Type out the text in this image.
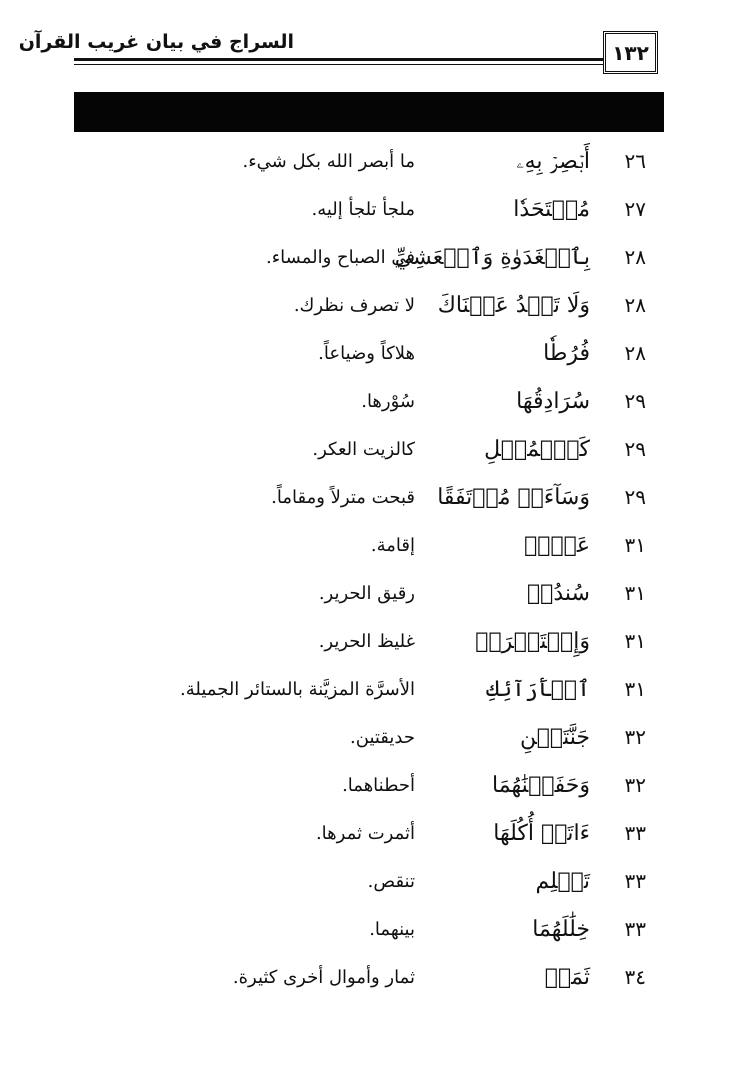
السراج في بيان غريب القرآن	١٣٢
٢٦
أَبۡصِرۡ بِهِۦ
ما أبصر الله بكل شيء.
٢٧
مُلۡتَحَدٗا
ملجأ تلجأ إليه.
٢٨
بِٱلۡغَدَوٰةِ وَٱلۡعَشِيِّ
في الصباح والمساء.
٢٨
وَلَا تَعۡدُ عَيۡنَاكَ
لا تصرف نظرك.
٢٨
فُرُطٗا
هلاكاً وضياعاً.
٢٩
سُرَادِقُهَا
سُوْرها.
٢٩
كَٱلۡمُهۡلِ
كالزيت العكر.
٢٩
وَسَآءَتۡ مُرۡتَفَقًا
قبحت مترلاً ومقاماً.
٣١
عَدۡنٖ
إقامة.
٣١
سُندُسٖ
رقيق الحرير.
٣١
وَإِسۡتَبۡرَقٖ
غليظ الحرير.
٣١
ٱلۡأَرَآئِكِ
الأسرَّة المزيَّنة بالستائر الجميلة.
٣٢
جَنَّتَيۡنِ
حديقتين.
٣٢
وَحَفَفۡنَٰهُمَا
أحطناهما.
٣٣
ءَاتَتۡ أُكُلَهَا
أثمرت ثمرها.
٣٣
تَظۡلِم
تنقص.
٣٣
خِلَٰلَهُمَا
بينهما.
٣٤
ثَمَرٞ
ثمار وأموال أخرى كثيرة.
